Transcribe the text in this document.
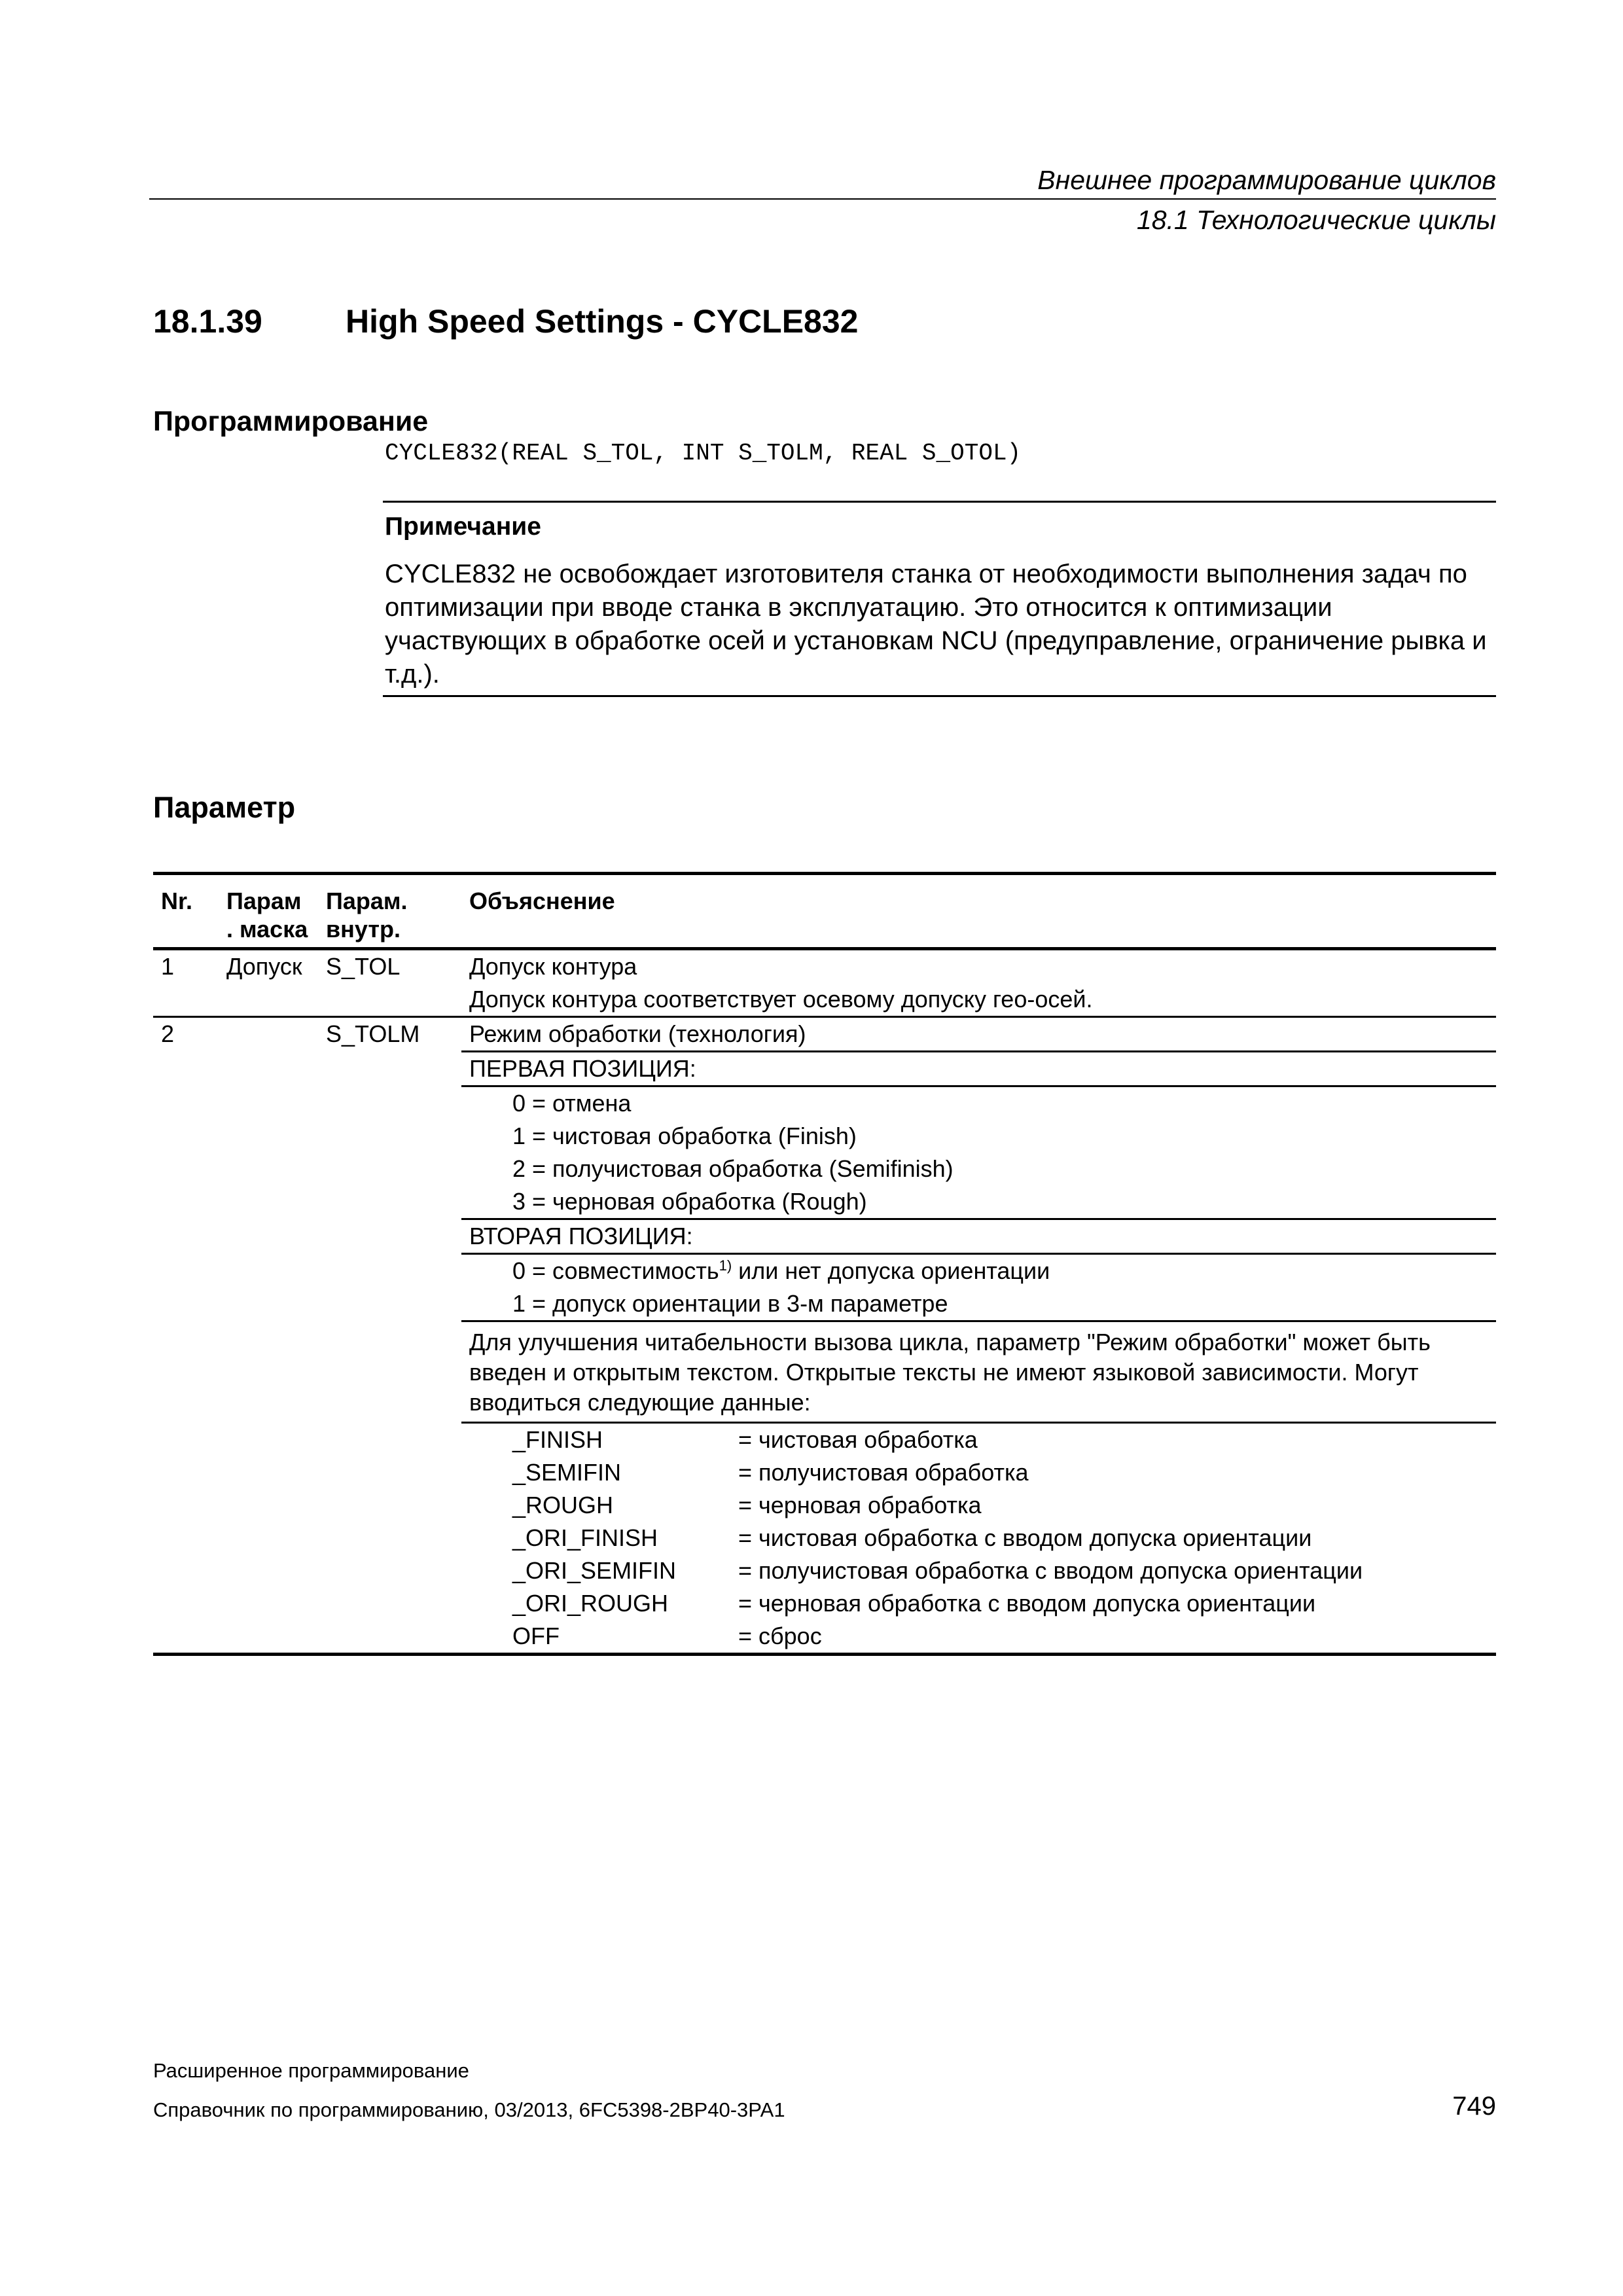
Внешнее программирование циклов
18.1 Технологические циклы
18.1.39	High Speed Settings - CYCLE832
Программирование
CYCLE832(REAL S_TOL, INT S_TOLM, REAL S_OTOL)
Примечание
CYCLE832 не освобождает изготовителя станка от необходимости выполнения задач по оптимизации при вводе станка в эксплуатацию. Это относится к оптимизации участвующих в обработке осей и установкам NCU (предуправление, ограничение рывка и т.д.).
Параметр
Nr.	Парам . маска	Парам. внутр.	Объяснение
1	Допуск	S_TOL	Допуск контура
			Допуск контура соответствует осевому допуску гео-осей.
2		S_TOLM	Режим обработки (технология)
			ПЕРВАЯ ПОЗИЦИЯ:
			0 = отмена
			1 = чистовая обработка (Finish)
			2 = получистовая обработка (Semifinish)
			3 = черновая обработка (Rough)
			ВТОРАЯ ПОЗИЦИЯ:
			0 = совместимость$^{1)}$ или нет допуска ориентации
			1 = допуск ориентации в 3-м параметре
			Для улучшения читабельности вызова цикла, параметр "Режим обработки" может быть введен и открытым текстом. Открытые тексты не имеют языковой зависимости. Могут вводиться следующие данные:
			_FINISH = чистовая обработка
			_SEMIFIN = получистовая обработка
			_ROUGH = черновая обработка
			_ORI_FINISH = чистовая обработка с вводом допуска ориентации
			_ORI_SEMIFIN = получистовая обработка с вводом допуска ориентации
			_ORI_ROUGH = черновая обработка с вводом допуска ориентации
			OFF = сброс
Расширенное программирование
Справочник по программированию, 03/2013, 6FC5398-2BP40-3PA1	749
